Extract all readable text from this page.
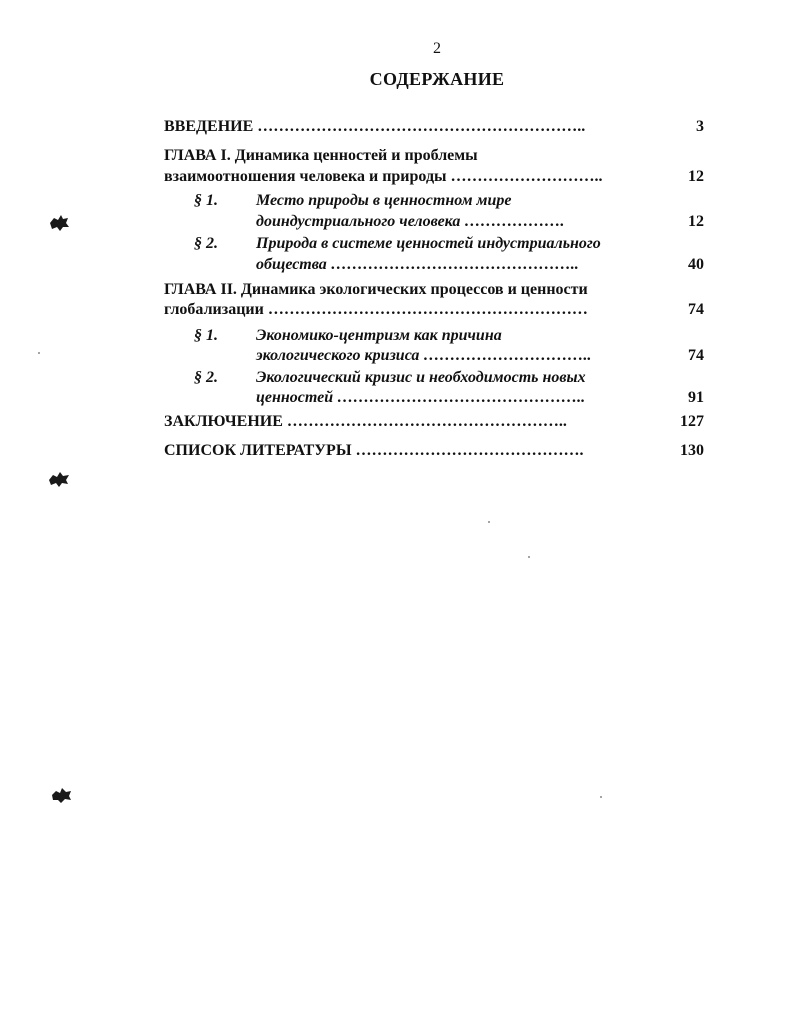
2
СОДЕРЖАНИЕ
ВВЕДЕНИЕ ……………………………………………………..	3
ГЛАВА I. Динамика ценностей и проблемы
взаимоотношения человека и природы ………………………..	12
§ 1. Место природы в ценностном мире
доиндустриального человека ……………….	12
§ 2. Природа в системе ценностей индустриального
общества ………………………………………..	40
ГЛАВА II. Динамика экологических процессов и ценности
глобализации ……………………………………………………	74
§ 1. Экономико-центризм как причина
экологического кризиса …………………………..	74
§ 2. Экологический кризис и необходимость новых
ценностей ………………………………………..	91
ЗАКЛЮЧЕНИЕ ……………………………………………..	127
СПИСОК ЛИТЕРАТУРЫ …………………………………….	130
